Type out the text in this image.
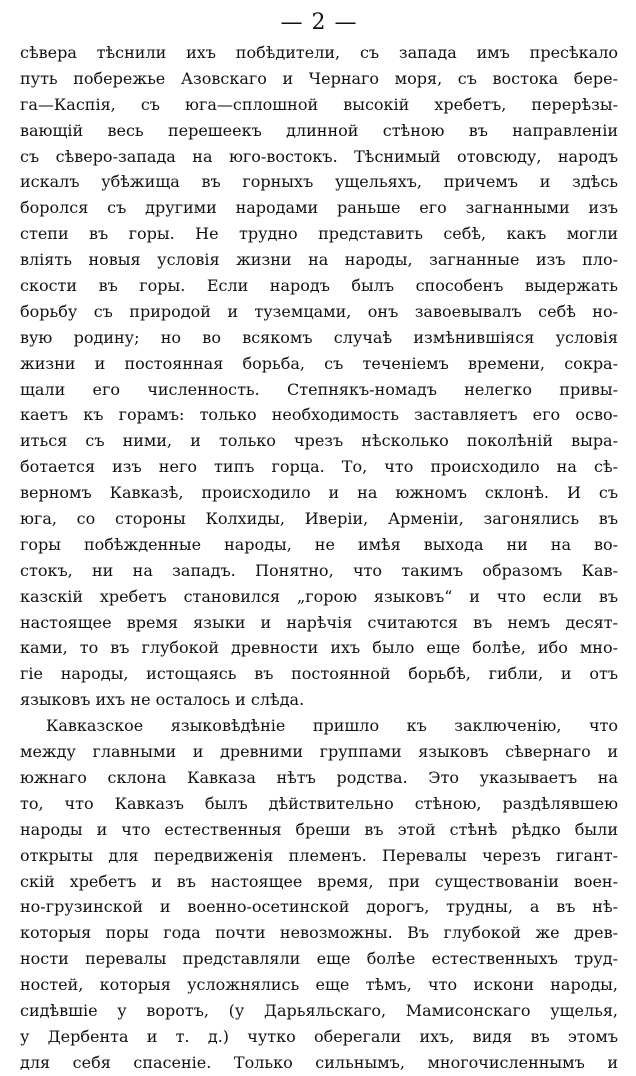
— 2 —
сѣвера тѣснили ихъ побѣдители, съ запада имъ пресѣкало
путь побережье Азовскаго и Чернаго моря, съ востока бере-
га—Каспія, съ юга—сплошной высокій хребетъ, перерѣзы-
вающій весь перешеекъ длинной стѣною въ направленіи
съ сѣверо-запада на юго-востокъ. Тѣснимый отовсюду, народъ
искалъ убѣжища въ горныхъ ущельяхъ, причемъ и здѣсь
боролся съ другими народами раньше его загнанными изъ
степи въ горы. Не трудно представить себѣ, какъ могли
вліять новыя условія жизни на народы, загнанные изъ пло-
скости въ горы. Если народъ былъ способенъ выдержать
борьбу съ природой и туземцами, онъ завоевывалъ себѣ но-
вую родину; но во всякомъ случаѣ измѣнившіяся условія
жизни и постоянная борьба, съ теченіемъ времени, сокра-
щали его численность. Степнякъ-номадъ нелегко привы-
каетъ къ горамъ: только необходимость заставляетъ его осво-
иться съ ними, и только чрезъ нѣсколько поколѣній выра-
ботается изъ него типъ горца. То, что происходило на сѣ-
верномъ Кавказѣ, происходило и на южномъ склонѣ. И съ
юга, со стороны Колхиды, Иверіи, Арменіи, загонялись въ
горы побѣжденные народы, не имѣя выхода ни на во-
стокъ, ни на западъ. Понятно, что такимъ образомъ Кав-
казскій хребетъ становился „горою языковъ“ и что если въ
настоящее время языки и нарѣчія считаются въ немъ десят-
ками, то въ глубокой древности ихъ было еще болѣе, ибо мно-
гіе народы, истощаясь въ постоянной борьбѣ, гибли, и отъ
языковъ ихъ не осталось и слѣда.
Кавказское языковѣдѣніе пришло къ заключенію, что
между главными и древними группами языковъ сѣвернаго и
южнаго склона Кавказа нѣтъ родства. Это указываетъ на
то, что Кавказъ былъ дѣйствительно стѣною, раздѣлявшею
народы и что естественныя бреши въ этой стѣнѣ рѣдко были
открыты для передвиженія племенъ. Перевалы черезъ гигант-
скій хребетъ и въ настоящее время, при существованіи воен-
но-грузинской и военно-осетинской дорогъ, трудны, а въ нѣ-
которыя поры года почти невозможны. Въ глубокой же древ-
ности перевалы представляли еще болѣе естественныхъ труд-
ностей, которыя усложнялись еще тѣмъ, что искони народы,
сидѣвшіе у воротъ, (у Дарьяльскаго, Мамисонскаго ущелья,
у Дербента и т. д.) чутко оберегали ихъ, видя въ этомъ
для себя спасеніе. Только сильнымъ, многочисленнымъ и
